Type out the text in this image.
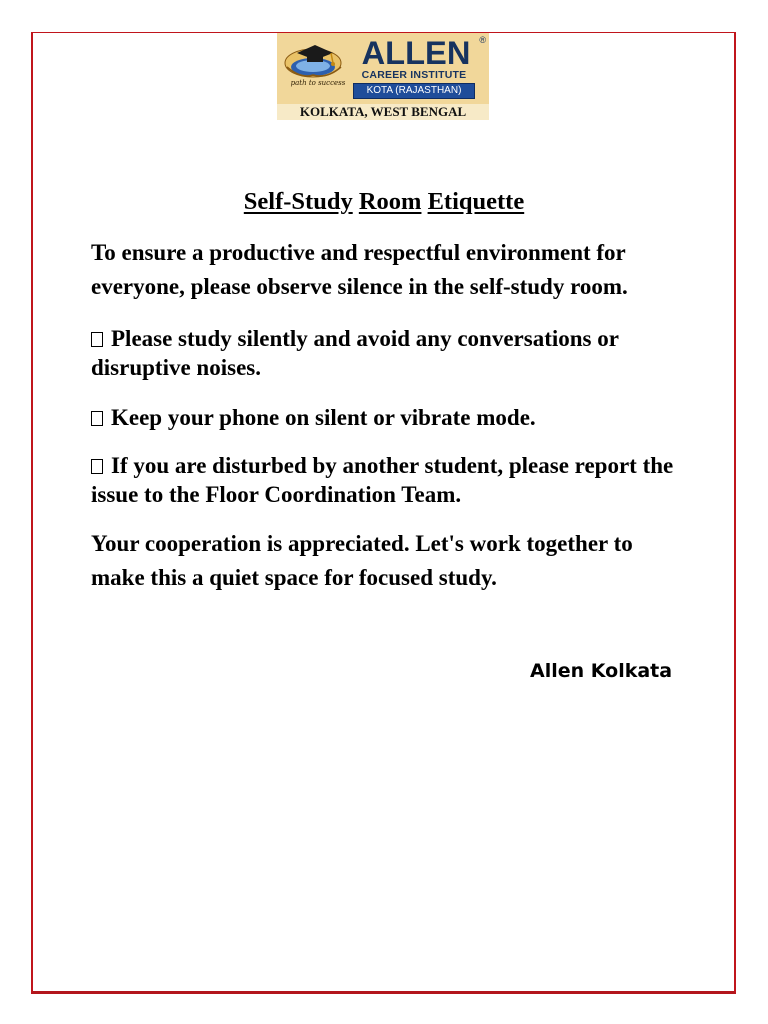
path to success
ALLEN ®
CAREER INSTITUTE
KOTA (RAJASTHAN)
KOLKATA, WEST BENGAL
Self-Study Room Etiquette

To ensure a productive and respectful environment for everyone, please observe silence in the self-study room.

Please study silently and avoid any conversations or disruptive noises.

Keep your phone on silent or vibrate mode.

If you are disturbed by another student, please report the issue to the Floor Coordination Team.

Your cooperation is appreciated. Let's work together to make this a quiet space for focused study.

Allen Kolkata
